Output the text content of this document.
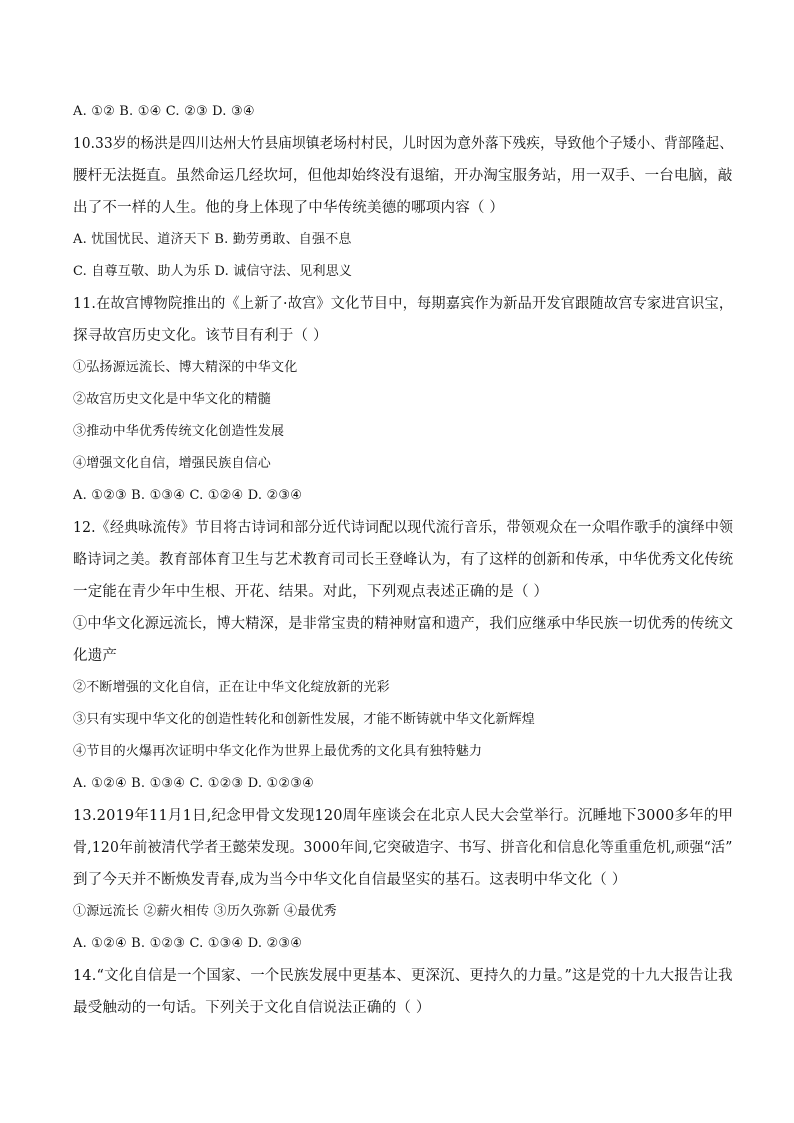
A. ①② B. ①④ C. ②③ D. ③④
10.33岁的杨洪是四川达州大竹县庙坝镇老场村村民，儿时因为意外落下残疾，导致他个子矮小、背部隆起、
腰杆无法挺直。虽然命运几经坎坷，但他却始终没有退缩，开办淘宝服务站，用一双手、一台电脑，敲
出了不一样的人生。他的身上体现了中华传统美德的哪项内容（ ）
A. 忧国忧民、道济天下 B. 勤劳勇敢、自强不息
C. 自尊互敬、助人为乐 D. 诚信守法、见利思义
11.在故宫博物院推出的《上新了·故宫》文化节目中，每期嘉宾作为新品开发官跟随故宫专家进宫识宝，
探寻故宫历史文化。该节目有利于（ ）
①弘扬源远流长、博大精深的中华文化
②故宫历史文化是中华文化的精髓
③推动中华优秀传统文化创造性发展
④增强文化自信，增强民族自信心
A. ①②③ B. ①③④ C. ①②④ D. ②③④
12.《经典咏流传》节目将古诗词和部分近代诗词配以现代流行音乐，带领观众在一众唱作歌手的演绎中领
略诗词之美。教育部体育卫生与艺术教育司司长王登峰认为，有了这样的创新和传承，中华优秀文化传统
一定能在青少年中生根、开花、结果。对此，下列观点表述正确的是（ ）
①中华文化源远流长，博大精深，是非常宝贵的精神财富和遗产，我们应继承中华民族一切优秀的传统文
化遗产
②不断增强的文化自信，正在让中华文化绽放新的光彩
③只有实现中华文化的创造性转化和创新性发展，才能不断铸就中华文化新辉煌
④节目的火爆再次证明中华文化作为世界上最优秀的文化具有独特魅力
A. ①②④ B. ①③④ C. ①②③ D. ①②③④
13.2019年11月1日,纪念甲骨文发现120周年座谈会在北京人民大会堂举行。沉睡地下3000多年的甲
骨,120年前被清代学者王懿荣发现。3000年间,它突破造字、书写、拼音化和信息化等重重危机,顽强“活”
到了今天并不断焕发青春,成为当今中华文化自信最坚实的基石。这表明中华文化（ ）
①源远流长 ②薪火相传 ③历久弥新 ④最优秀
A. ①②④ B. ①②③ C. ①③④ D. ②③④
14.“文化自信是一个国家、一个民族发展中更基本、更深沉、更持久的力量。”这是党的十九大报告让我
最受触动的一句话。下列关于文化自信说法正确的（ ）
